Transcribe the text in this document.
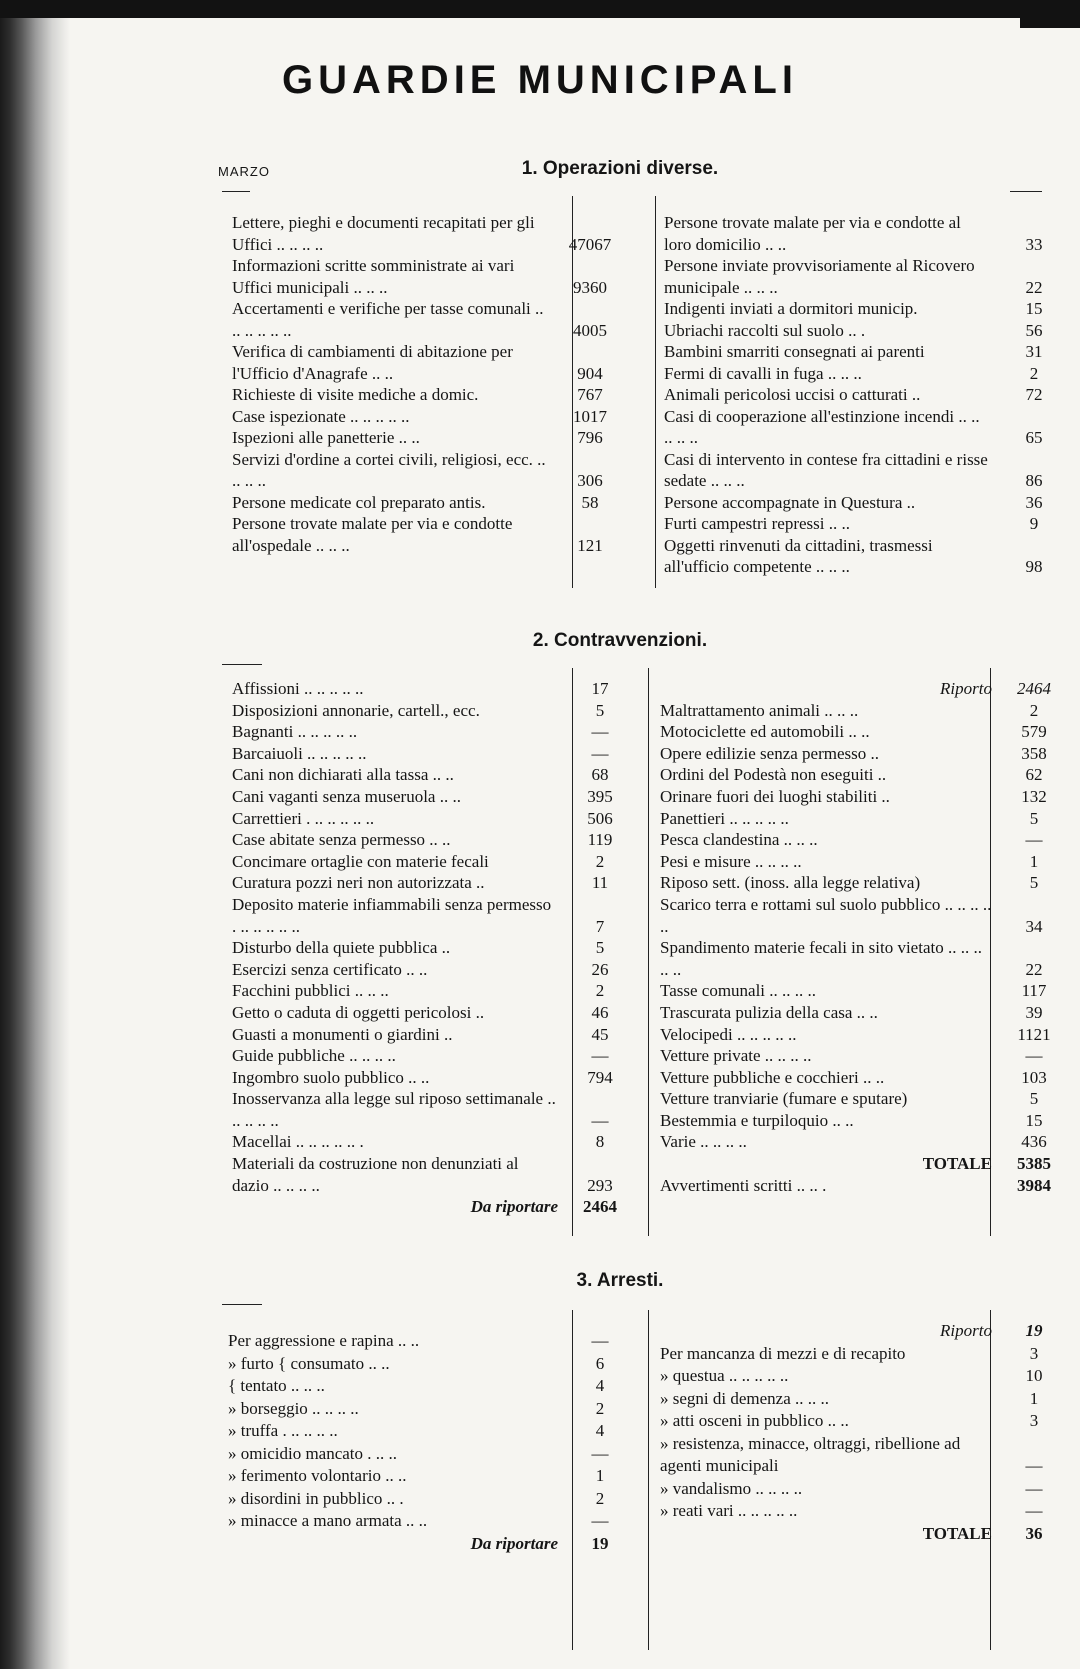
GUARDIE MUNICIPALI
MARZO	1. Operazioni diverse.
Lettere, pieghi e documenti recapitati per gli Uffici .. .. .. ..	47067
Informazioni scritte somministrate ai vari Uffici municipali .. .. ..	9360
Accertamenti e verifiche per tasse comunali .. .. .. .. .. ..	4005
Verifica di cambiamenti di abitazione per l'Ufficio d'Anagrafe .. ..	904
Richieste di visite mediche a domic.	767
Case ispezionate .. .. .. .. ..	1017
Ispezioni alle panetterie .. ..	796
Servizi d'ordine a cortei civili, religiosi, ecc. .. .. .. ..	306
Persone medicate col preparato antis.	58
Persone trovate malate per via e condotte all'ospedale .. .. ..	121
Persone trovate malate per via e condotte al loro domicilio .. ..	33
Persone inviate provvisoriamente al Ricovero municipale .. .. ..	22
Indigenti inviati a dormitori municip.	15
Ubriachi raccolti sul suolo .. .	56
Bambini smarriti consegnati ai parenti	31
Fermi di cavalli in fuga .. .. ..	2
Animali pericolosi uccisi o catturati ..	72
Casi di cooperazione all'estinzione incendi .. .. .. .. ..	65
Casi di intervento in contese fra cittadini e risse sedate .. .. ..	86
Persone accompagnate in Questura ..	36
Furti campestri repressi .. ..	9
Oggetti rinvenuti da cittadini, trasmessi all'ufficio competente .. .. ..	98
2. Contravvenzioni.
Affissioni .. .. .. .. ..	17
Disposizioni annonarie, cartell., ecc.	5
Bagnanti .. .. .. .. ..	—
Barcaiuoli .. .. .. .. ..	—
Cani non dichiarati alla tassa .. ..	68
Cani vaganti senza museruola .. ..	395
Carrettieri . .. .. .. .. ..	506
Case abitate senza permesso .. ..	119
Concimare ortaglie con materie fecali	2
Curatura pozzi neri non autorizzata ..	11
Deposito materie infiammabili senza permesso . .. .. .. .. ..	7
Disturbo della quiete pubblica ..	5
Esercizi senza certificato .. ..	26
Facchini pubblici .. .. ..	2
Getto o caduta di oggetti pericolosi ..	46
Guasti a monumenti o giardini ..	45
Guide pubbliche .. .. .. ..	—
Ingombro suolo pubblico .. ..	794
Inosservanza alla legge sul riposo settimanale .. .. .. .. ..	—
Macellai .. .. .. .. .. .	8
Materiali da costruzione non denunziati al dazio .. .. .. ..	293
Da riportare	2464
Riporto	2464
Maltrattamento animali .. .. ..	2
Motociclette ed automobili .. ..	579
Opere edilizie senza permesso ..	358
Ordini del Podestà non eseguiti ..	62
Orinare fuori dei luoghi stabiliti ..	132
Panettieri .. .. .. .. ..	5
Pesca clandestina .. .. ..	—
Pesi e misure .. .. .. ..	1
Riposo sett. (inoss. alla legge relativa)	5
Scarico terra e rottami sul suolo pubblico .. .. .. .. ..	34
Spandimento materie fecali in sito vietato .. .. .. .. ..	22
Tasse comunali .. .. .. ..	117
Trascurata pulizia della casa .. ..	39
Velocipedi .. .. .. .. ..	1121
Vetture private .. .. .. ..	—
Vetture pubbliche e cocchieri .. ..	103
Vetture tranviarie (fumare e sputare)	5
Bestemmia e turpiloquio .. ..	15
Varie .. .. .. ..	436
TOTALE	5385
Avvertimenti scritti .. .. .	3984
3. Arresti.
Per aggressione e rapina .. ..	—
» furto { consumato .. ..	6
{ tentato .. .. ..	4
» borseggio .. .. .. ..	2
» truffa . .. .. .. ..	4
» omicidio mancato . .. ..	—
» ferimento volontario .. ..	1
» disordini in pubblico .. .	2
» minacce a mano armata .. ..	—
Da riportare	19
Riporto	19
Per mancanza di mezzi e di recapito	3
» questua .. .. .. .. ..	10
» segni di demenza .. .. ..	1
» atti osceni in pubblico .. ..	3
» resistenza, minacce, oltraggi, ribellione ad agenti municipali	—
» vandalismo .. .. .. ..	—
» reati vari .. .. .. .. ..	—
TOTALE	36
